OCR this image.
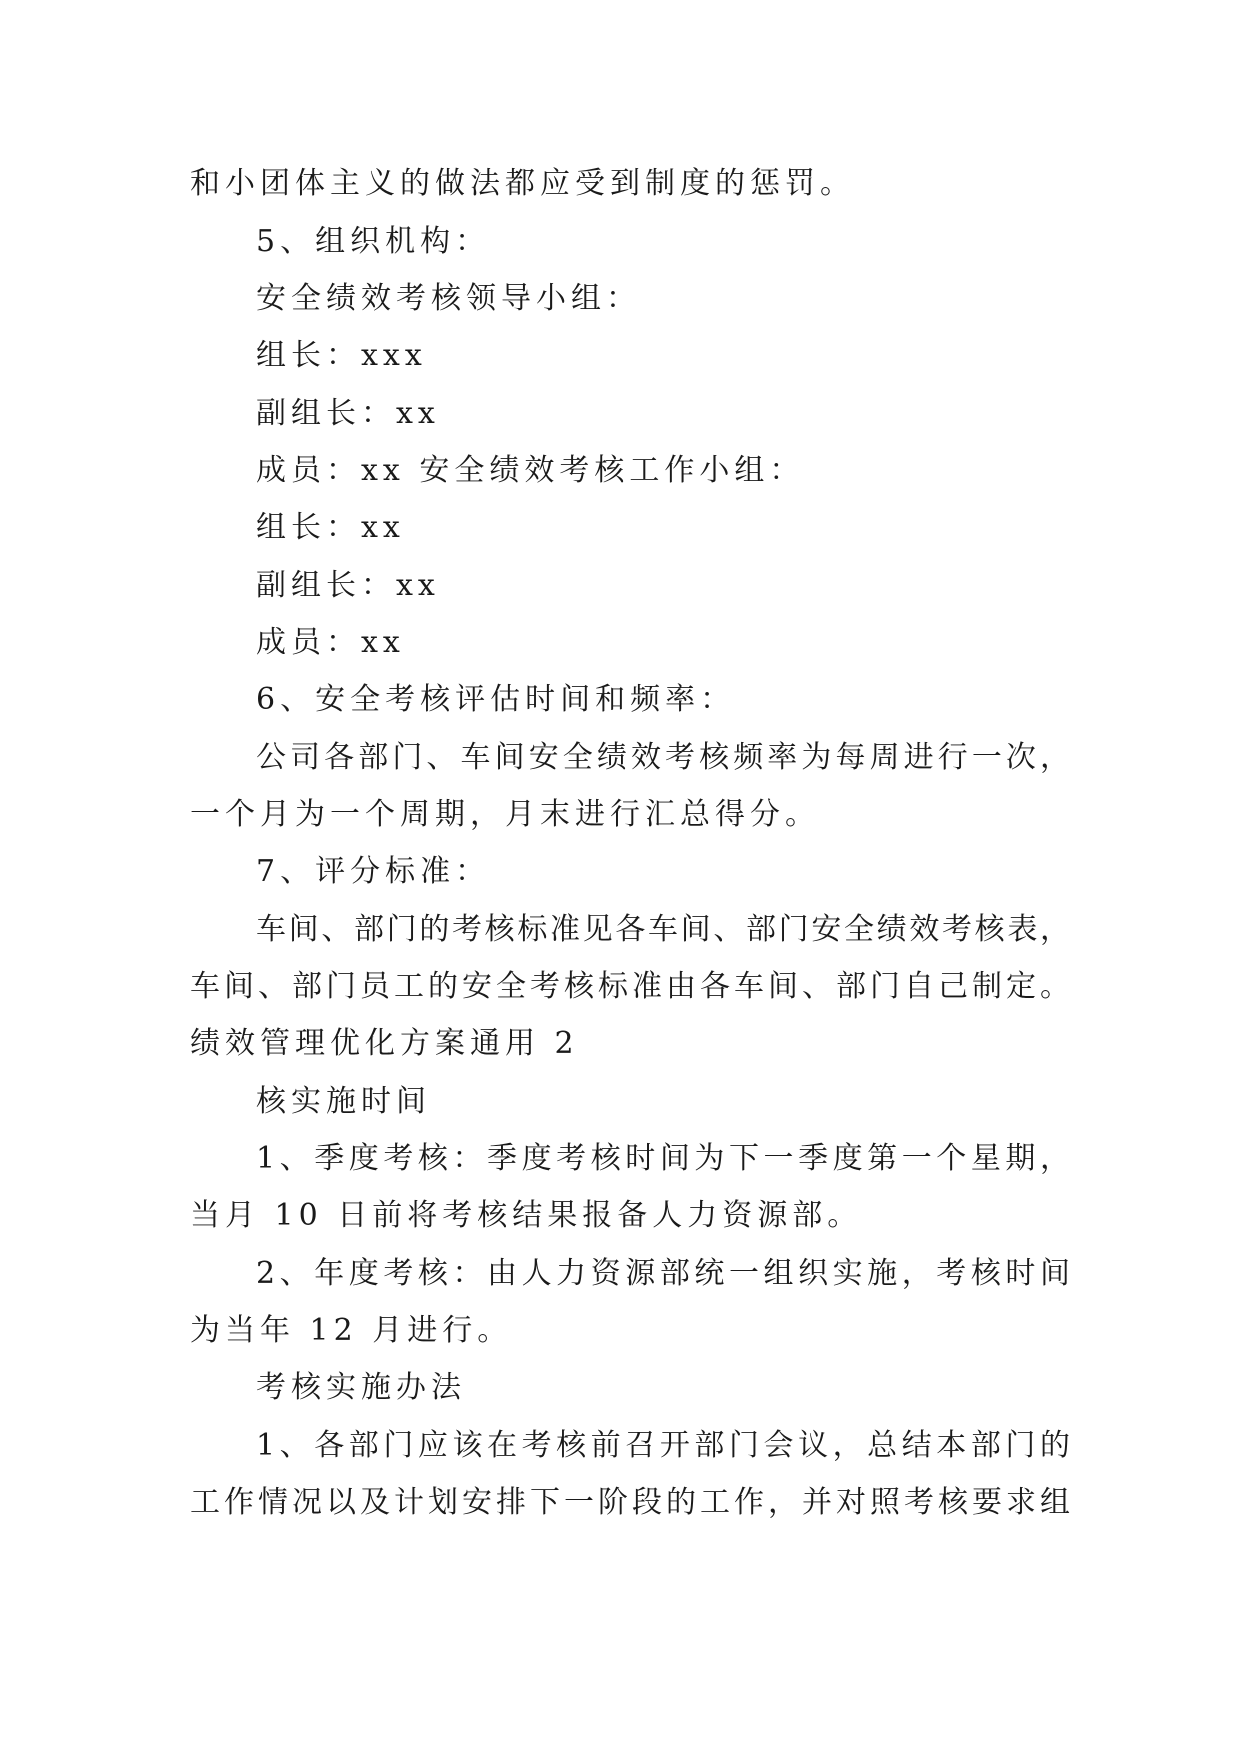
和小团体主义的做法都应受到制度的惩罚。
5、组织机构：
安全绩效考核领导小组：
组长：xxx
副组长：xx
成员：xx 安全绩效考核工作小组：
组长：xx
副组长：xx
成员：xx
6、安全考核评估时间和频率：
公司各部门、车间安全绩效考核频率为每周进行一次，
一个月为一个周期，月末进行汇总得分。
7、评分标准：
车间、部门的考核标准见各车间、部门安全绩效考核表，
车间、部门员工的安全考核标准由各车间、部门自己制定。
绩效管理优化方案通用 2
核实施时间
1、季度考核：季度考核时间为下一季度第一个星期，
当月 10 日前将考核结果报备人力资源部。
2、年度考核：由人力资源部统一组织实施，考核时间
为当年 12 月进行。
考核实施办法
1、各部门应该在考核前召开部门会议，总结本部门的
工作情况以及计划安排下一阶段的工作，并对照考核要求组
